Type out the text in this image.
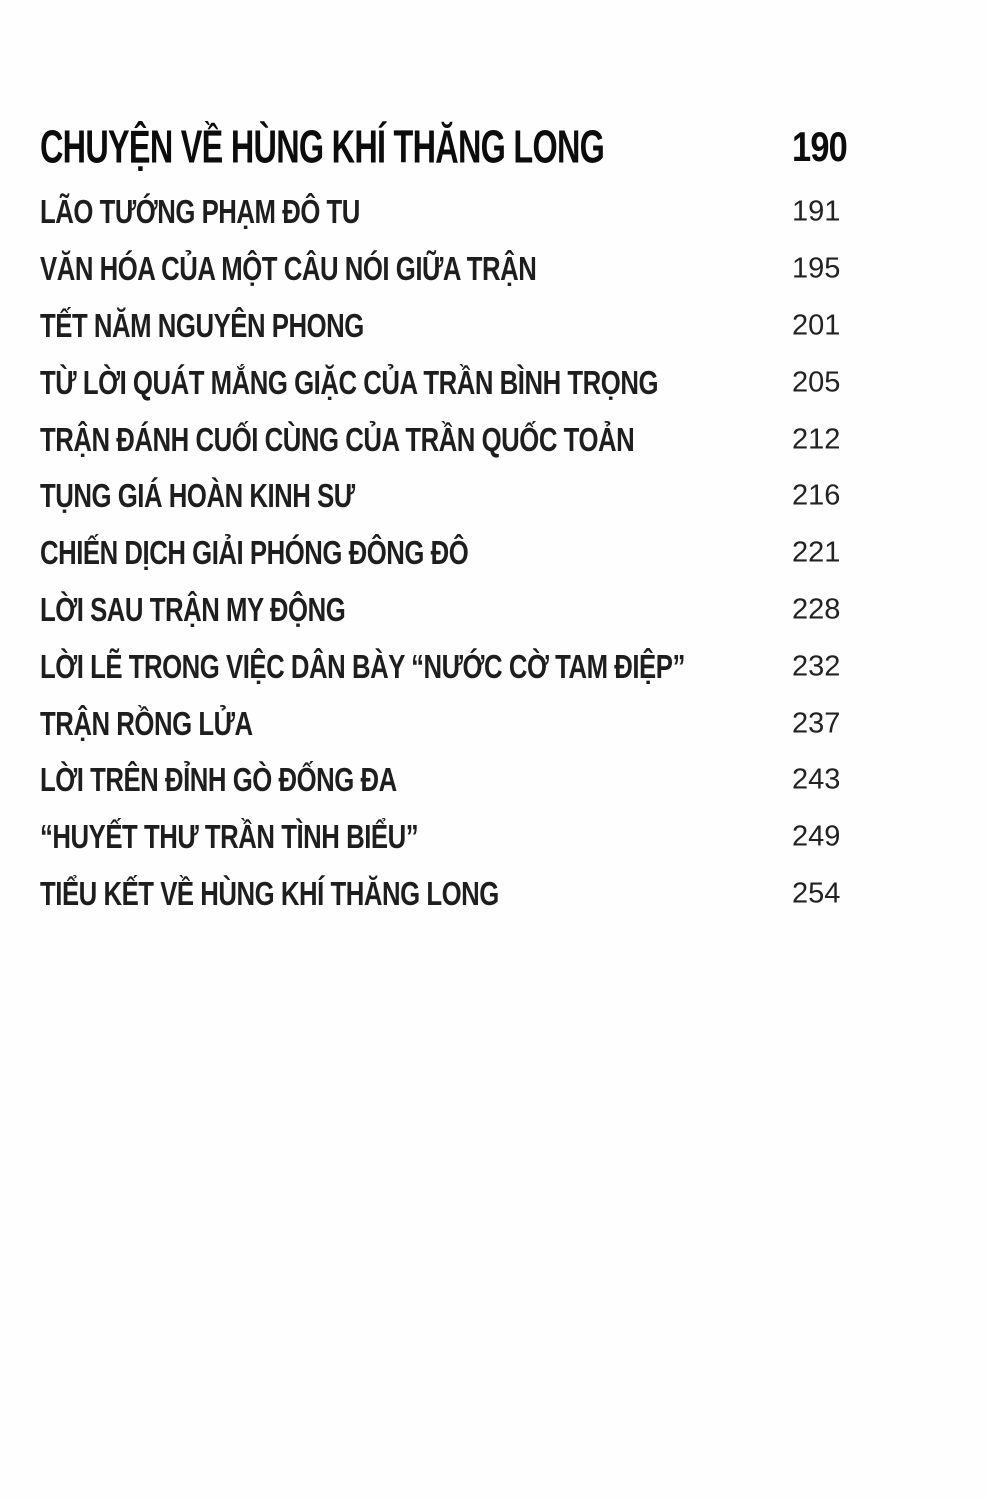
CHUYỆN VỀ HÙNG KHÍ THĂNG LONG	190
LÃO TƯỚNG PHẠM ĐÔ TU	191
VĂN HÓA CỦA MỘT CÂU NÓI GIỮA TRẬN	195
TẾT NĂM NGUYÊN PHONG	201
TỪ LỜI QUÁT MẮNG GIẶC CỦA TRẦN BÌNH TRỌNG	205
TRẬN ĐÁNH CUỐI CÙNG CỦA TRẦN QUỐC TOẢN	212
TỤNG GIÁ HOÀN KINH SƯ	216
CHIẾN DỊCH GIẢI PHÓNG ĐÔNG ĐÔ	221
LỜI SAU TRẬN MY ĐỘNG	228
LỜI LẼ TRONG VIỆC DÂN BÀY “NƯỚC CỜ TAM ĐIỆP”	232
TRẬN RỒNG LỬA	237
LỜI TRÊN ĐỈNH GÒ ĐỐNG ĐA	243
“HUYẾT THƯ TRẦN TÌNH BIỂU”	249
TIỂU KẾT VỀ HÙNG KHÍ THĂNG LONG	254
